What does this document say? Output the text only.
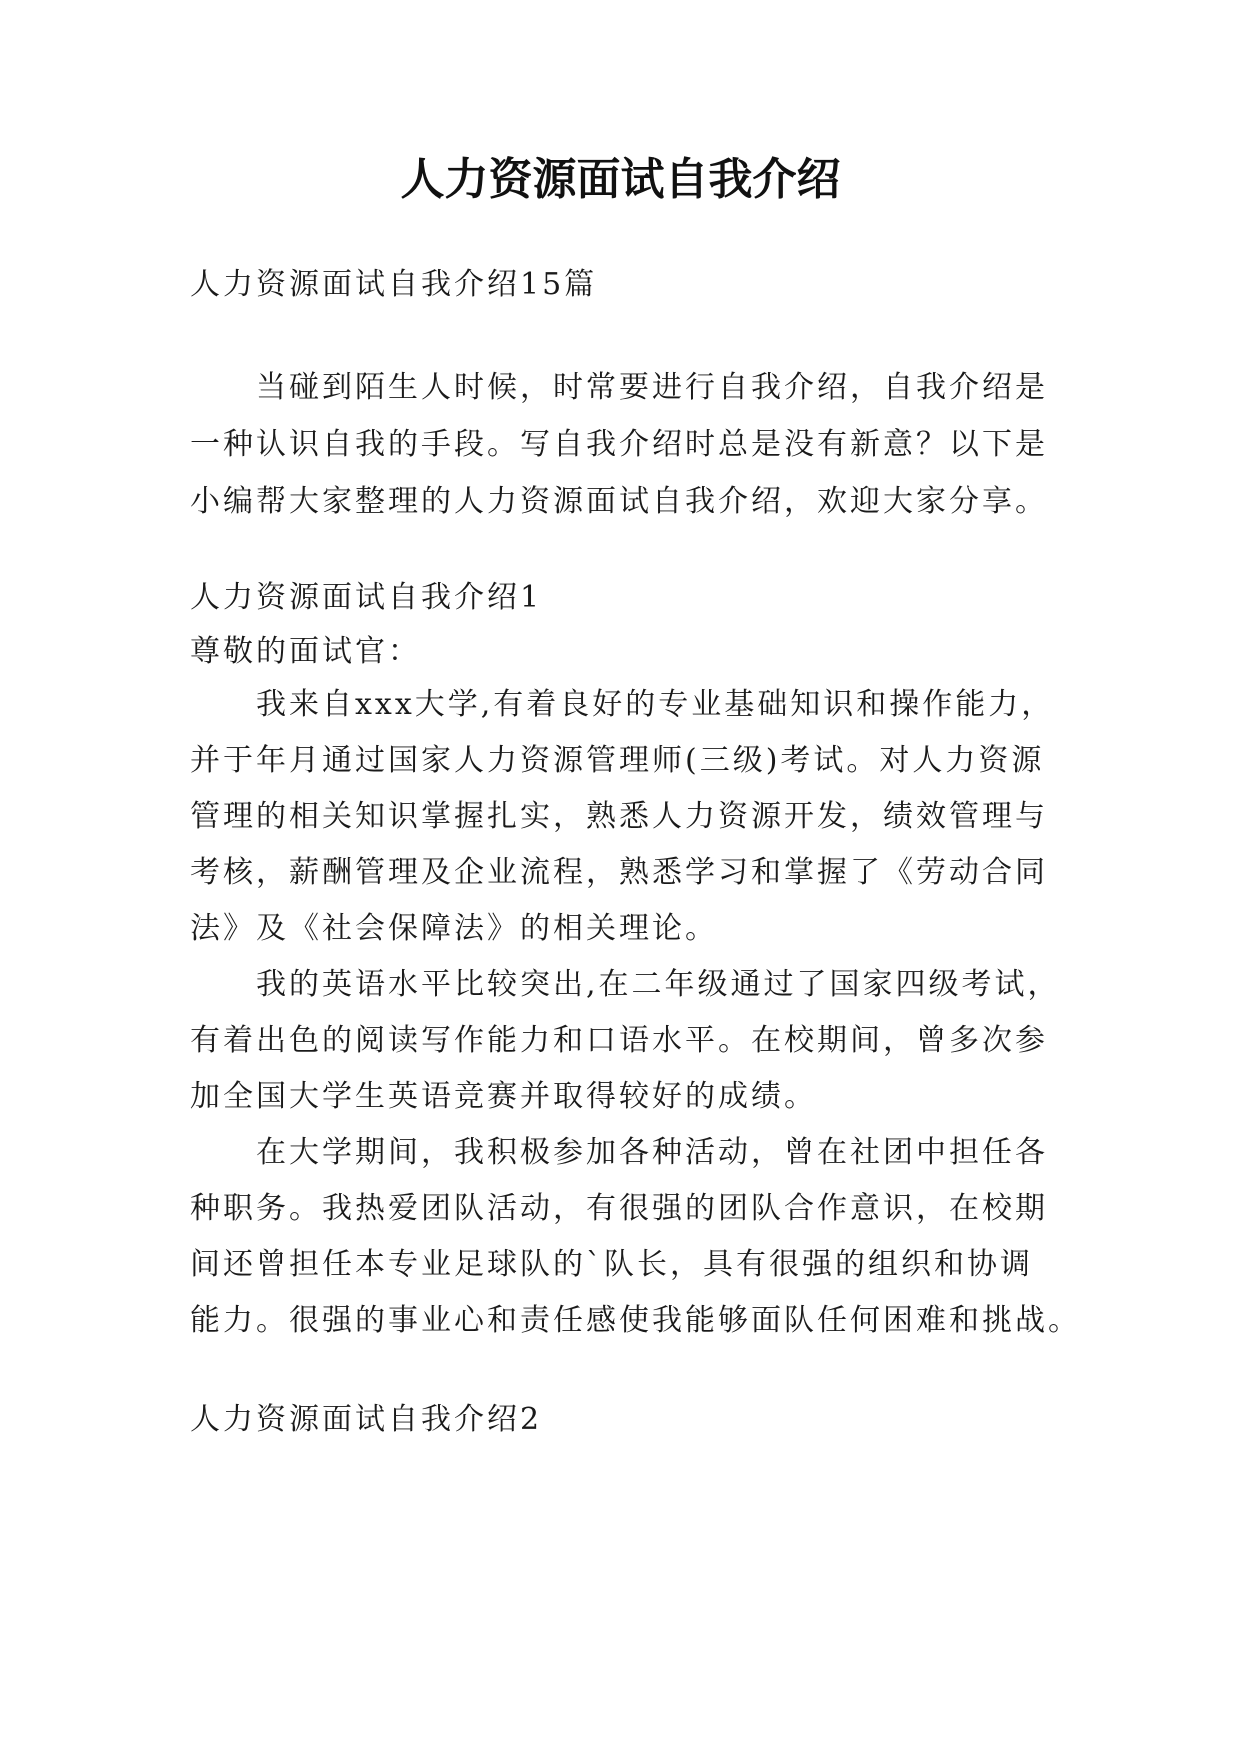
人力资源面试自我介绍
人力资源面试自我介绍15篇
当碰到陌生人时候，时常要进行自我介绍，自我介绍是
一种认识自我的手段。写自我介绍时总是没有新意？以下是
小编帮大家整理的人力资源面试自我介绍，欢迎大家分享。
人力资源面试自我介绍1
尊敬的面试官：
我来自xxx大学,有着良好的专业基础知识和操作能力，
并于年月通过国家人力资源管理师(三级)考试。对人力资源
管理的相关知识掌握扎实，熟悉人力资源开发，绩效管理与
考核，薪酬管理及企业流程，熟悉学习和掌握了《劳动合同
法》及《社会保障法》的相关理论。
我的英语水平比较突出,在二年级通过了国家四级考试，
有着出色的阅读写作能力和口语水平。在校期间，曾多次参
加全国大学生英语竞赛并取得较好的成绩。
在大学期间，我积极参加各种活动，曾在社团中担任各
种职务。我热爱团队活动，有很强的团队合作意识，在校期
间还曾担任本专业足球队的`队长，具有很强的组织和协调
能力。很强的事业心和责任感使我能够面队任何困难和挑战。
人力资源面试自我介绍2
